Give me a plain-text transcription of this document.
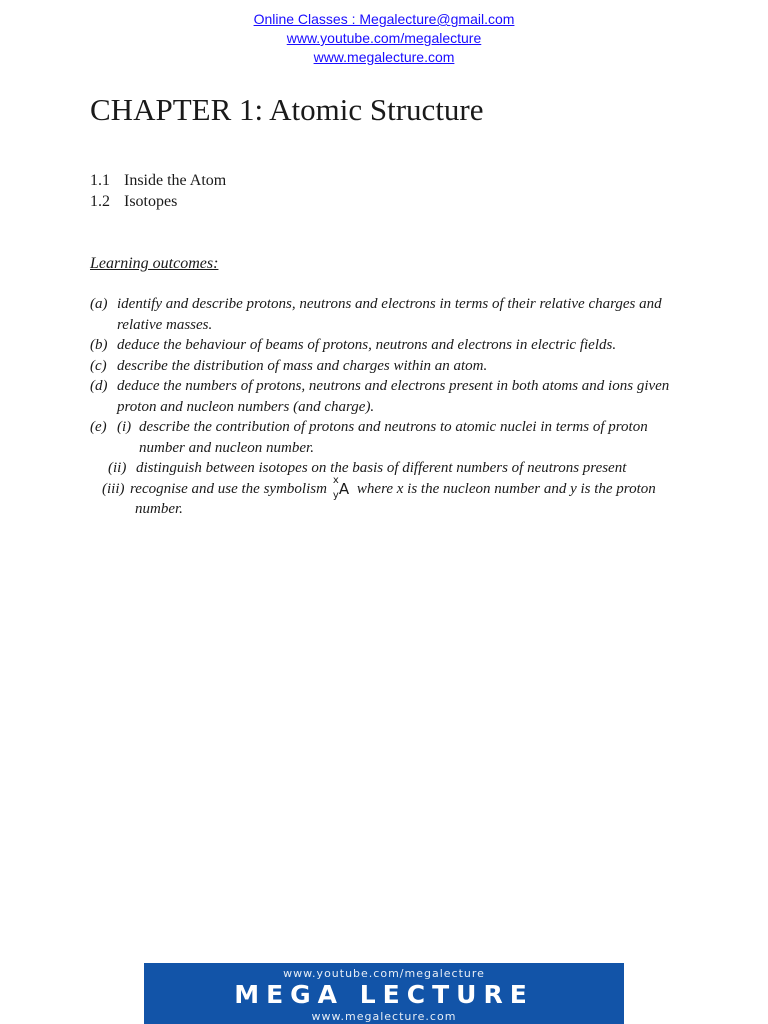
Online Classes : Megalecture@gmail.com
www.youtube.com/megalecture
www.megalecture.com
CHAPTER 1: Atomic Structure
1.1 Inside the Atom
1.2 Isotopes
Learning outcomes:
(a) identify and describe protons, neutrons and electrons in terms of their relative charges and
relative masses.
(b) deduce the behaviour of beams of protons, neutrons and electrons in electric fields.
(c) describe the distribution of mass and charges within an atom.
(d) deduce the numbers of protons, neutrons and electrons present in both atoms and ions given
proton and nucleon numbers (and charge).
(e) (i) describe the contribution of protons and neutrons to atomic nuclei in terms of proton
number and nucleon number.
(ii) distinguish between isotopes on the basis of different numbers of neutrons present
(iii) recognise and use the symbolism
x
y A where x is the nucleon number and y is the proton
number.
www.youtube.com/megalecture
MEGA LECTURE
www.megalecture.com
